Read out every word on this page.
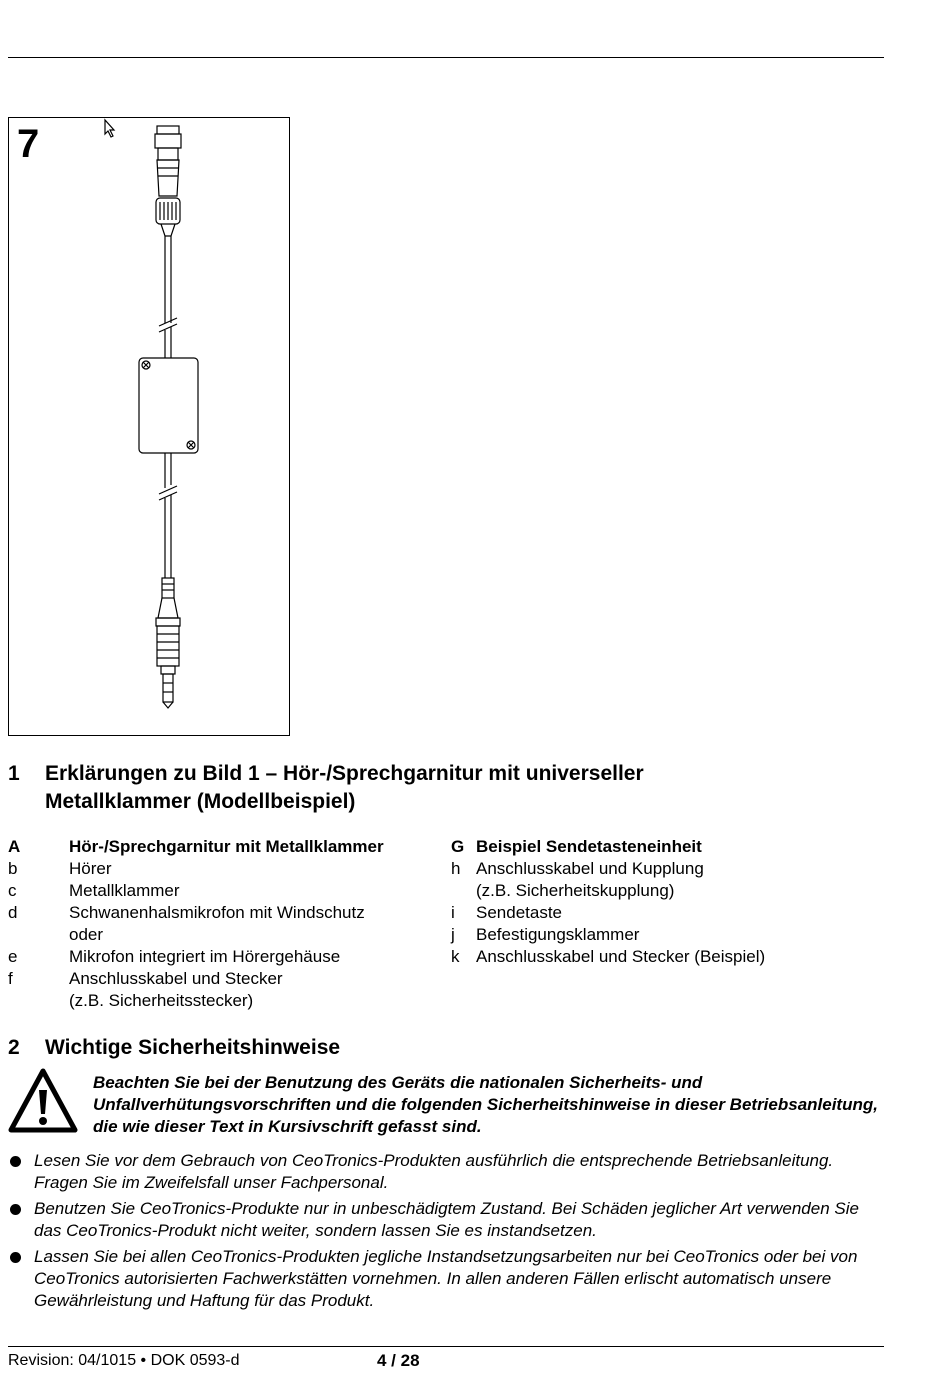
7
1 Erklärungen zu Bild 1 – Hör-/Sprechgarnitur mit universeller Metallklammer (Modellbeispiel)
A	Hör-/Sprechgarnitur mit Metallklammer
b	Hörer
c	Metallklammer
d	Schwanenhalsmikrofon mit Windschutz
oder
e	Mikrofon integriert im Hörergehäuse
f	Anschlusskabel und Stecker
(z.B. Sicherheitsstecker)
G Beispiel Sendetasteneinheit
h Anschlusskabel und Kupplung
(z.B. Sicherheitskupplung)
i Sendetaste
j Befestigungsklammer
k Anschlusskabel und Stecker (Beispiel)
2 Wichtige Sicherheitshinweise
Beachten Sie bei der Benutzung des Geräts die nationalen Sicherheits- und Unfallverhütungsvorschriften und die folgenden Sicherheitshinweise in dieser Betriebsanleitung, die wie dieser Text in Kursivschrift gefasst sind.
Lesen Sie vor dem Gebrauch von CeoTronics-Produkten ausführlich die entsprechende Betriebsanleitung. Fragen Sie im Zweifelsfall unser Fachpersonal.
Benutzen Sie CeoTronics-Produkte nur in unbeschädigtem Zustand. Bei Schäden jeglicher Art verwenden Sie das CeoTronics-Produkt nicht weiter, sondern lassen Sie es instandsetzen.
Lassen Sie bei allen CeoTronics-Produkten jegliche Instandsetzungsarbeiten nur bei CeoTronics oder bei von CeoTronics autorisierten Fachwerkstätten vornehmen. In allen anderen Fällen erlischt automatisch unsere Gewährleistung und Haftung für das Produkt.
Revision: 04/1015 • DOK 0593-d	4 / 28
